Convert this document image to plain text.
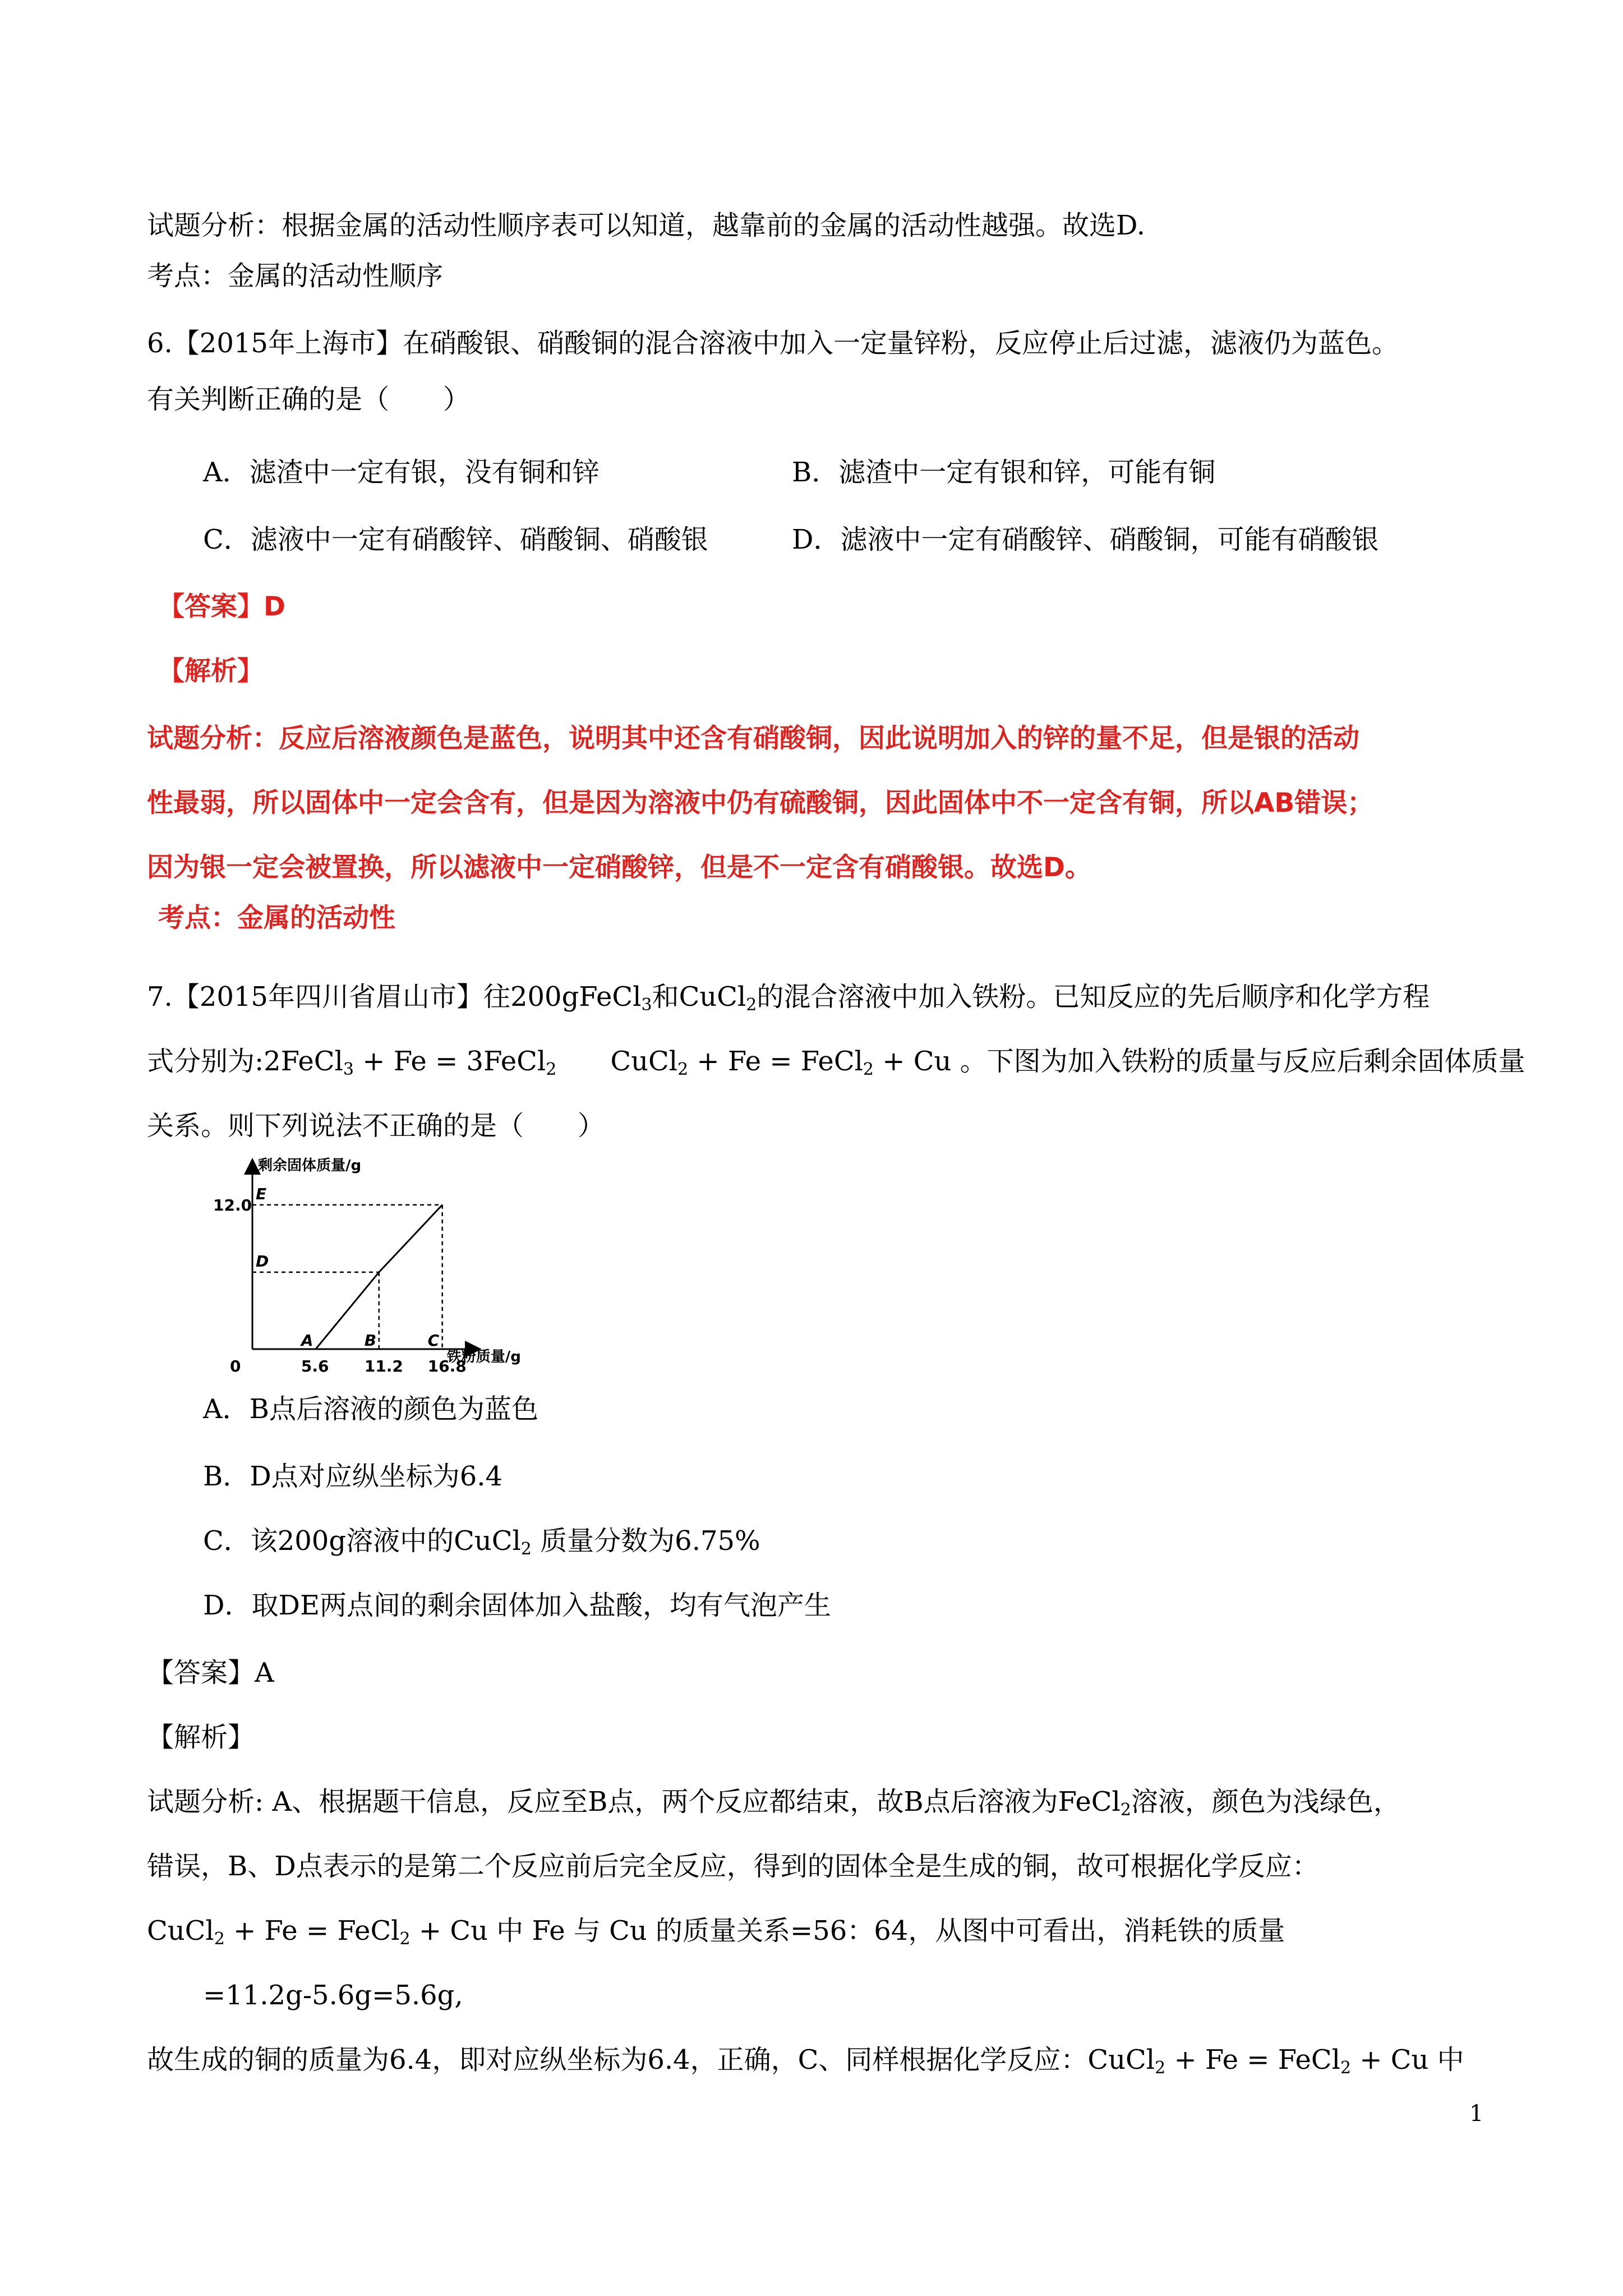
试题分析：根据金属的活动性顺序表可以知道，越靠前的金属的活动性越强。故选D.
考点：金属的活动性顺序
6.【2015年上海市】在硝酸银、硝酸铜的混合溶液中加入一定量锌粉，反应停止后过滤，滤液仍为蓝色。
有关判断正确的是（　　）
A．滤渣中一定有银，没有铜和锌	B．滤渣中一定有银和锌，可能有铜
C．滤液中一定有硝酸锌、硝酸铜、硝酸银	D．滤液中一定有硝酸锌、硝酸铜，可能有硝酸银
【答案】D
【解析】
试题分析：反应后溶液颜色是蓝色，说明其中还含有硝酸铜，因此说明加入的锌的量不足，但是银的活动
性最弱，所以固体中一定会含有，但是因为溶液中仍有硫酸铜，因此固体中不一定含有铜，所以AB错误；
因为银一定会被置换，所以滤液中一定硝酸锌，但是不一定含有硝酸银。故选D。
考点：金属的活动性
7.【2015年四川省眉山市】往200gFeCl$_3$和CuCl$_2$的混合溶液中加入铁粉。已知反应的先后顺序和化学方程
式分别为:2FeCl$_3$ + Fe = 3FeCl$_2$　　CuCl$_2$ + Fe = FeCl$_2$ + Cu 。下图为加入铁粉的质量与反应后剩余固体质量
关系。则下列说法不正确的是（　　）
剩余固体质量/g
铁粉质量/g
0	5.6 11.2 16.8
12.0
A	B	C
D
E
A．B点后溶液的颜色为蓝色
B．D点对应纵坐标为6.4
C．该200g溶液中的CuCl$_2$ 质量分数为6.75%
D．取DE两点间的剩余固体加入盐酸，均有气泡产生
【答案】A
【解析】
试题分析: A、根据题干信息，反应至B点，两个反应都结束，故B点后溶液为FeCl$_2$溶液，颜色为浅绿色，
错误，B、D点表示的是第二个反应前后完全反应，得到的固体全是生成的铜，故可根据化学反应：
CuCl$_2$ + Fe = FeCl$_2$ + Cu 中 Fe 与 Cu 的质量关系=56：64，从图中可看出，消耗铁的质量
=11.2g-5.6g=5.6g,
故生成的铜的质量为6.4，即对应纵坐标为6.4，正确，C、同样根据化学反应：CuCl$_2$ + Fe = FeCl$_2$ + Cu 中
1
